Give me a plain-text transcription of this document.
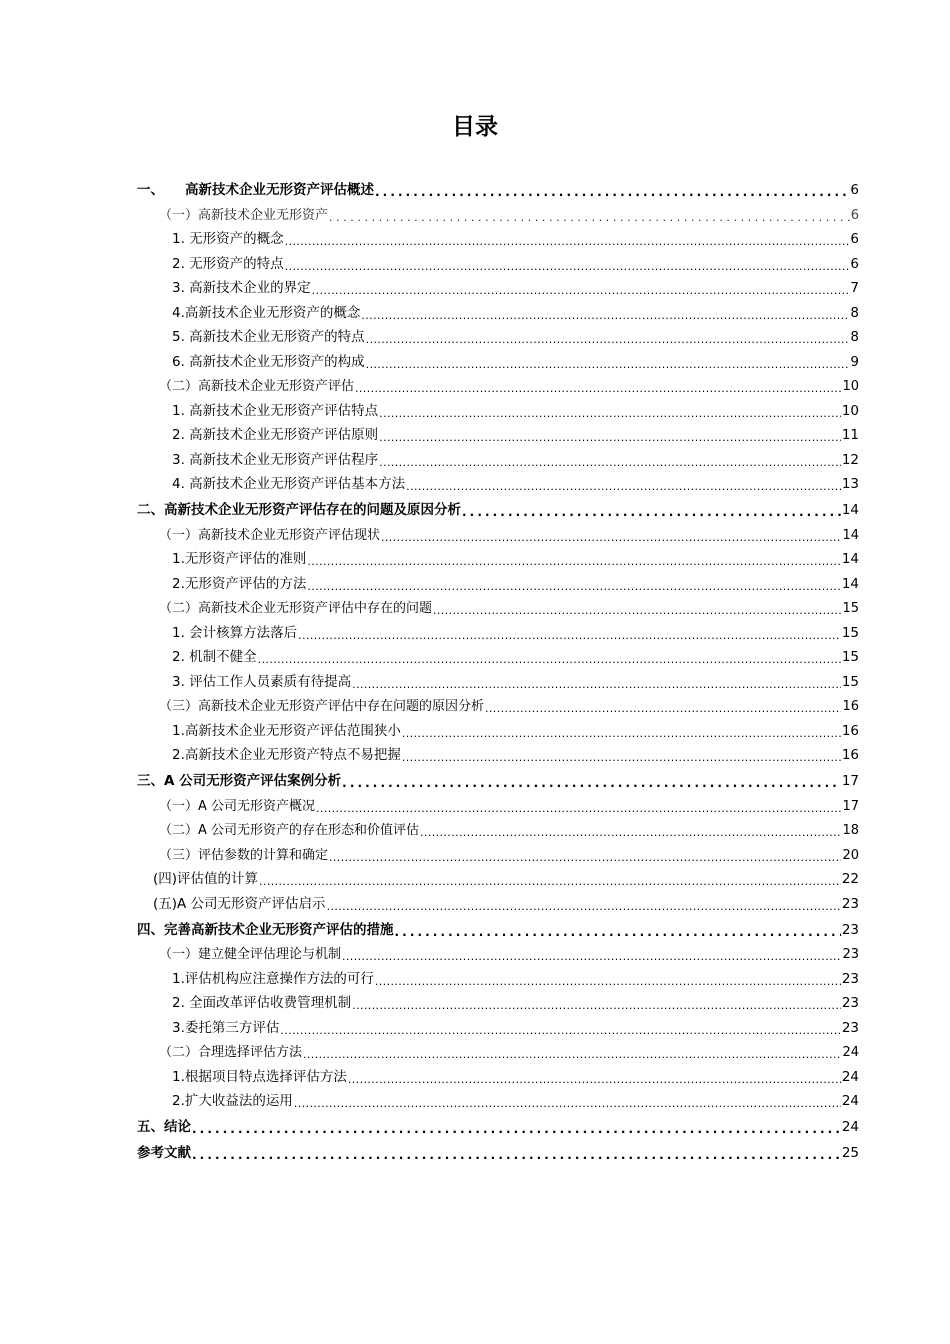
目录
一、 高新技术企业无形资产评估概述 .....	6
（一）高新技术企业无形资产 .....	6
1. 无形资产的概念 .....	6
2. 无形资产的特点 .....	6
3. 高新技术企业的界定 .....	7
4.高新技术企业无形资产的概念 .....	8
5. 高新技术企业无形资产的特点 .....	8
6. 高新技术企业无形资产的构成 .....	9
（二）高新技术企业无形资产评估 .....	10
1. 高新技术企业无形资产评估特点 .....	10
2. 高新技术企业无形资产评估原则 .....	11
3. 高新技术企业无形资产评估程序 .....	12
4. 高新技术企业无形资产评估基本方法 .....	13
二、高新技术企业无形资产评估存在的问题及原因分析 .....	14
（一）高新技术企业无形资产评估现状 .....	14
1.无形资产评估的准则 .....	14
2.无形资产评估的方法 .....	14
（二）高新技术企业无形资产评估中存在的问题 .....	15
1. 会计核算方法落后 .....	15
2. 机制不健全 .....	15
3. 评估工作人员素质有待提高 .....	15
（三）高新技术企业无形资产评估中存在问题的原因分析 .....	16
1.高新技术企业无形资产评估范围狭小 .....	16
2.高新技术企业无形资产特点不易把握 .....	16
三、A 公司无形资产评估案例分析 .....	17
（一）A 公司无形资产概况 .....	17
（二）A 公司无形资产的存在形态和价值评估 .....	18
（三）评估参数的计算和确定 .....	20
(四)评估值的计算 .....	22
(五)A 公司无形资产评估启示 .....	23
四、完善高新技术企业无形资产评估的措施 .....	23
（一）建立健全评估理论与机制 .....	23
1.评估机构应注意操作方法的可行 .....	23
2. 全面改革评估收费管理机制 .....	23
3.委托第三方评估 .....	23
（二）合理选择评估方法 .....	24
1.根据项目特点选择评估方法 .....	24
2.扩大收益法的运用 .....	24
五、结论 .....	24
参考文献 .....	25
